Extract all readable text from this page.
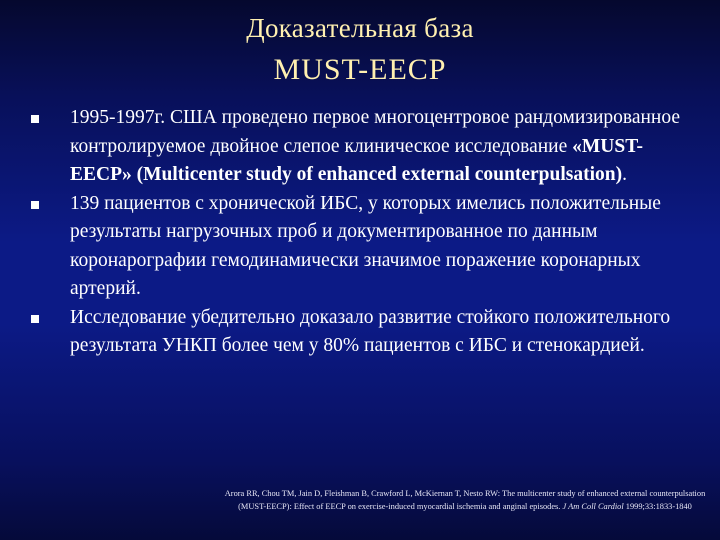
Доказательная база
MUST-EECP
1995-1997г. США проведено первое многоцентровое рандомизированное контролируемое двойное слепое клиническое исследование «MUST-EECP» (Multicenter study of enhanced external counterpulsation).
139 пациентов с хронической ИБС, у которых имелись положительные результаты нагрузочных проб и документированное по данным коронарографии гемодинамически значимое поражение коронарных артерий.
Исследование убедительно доказало развитие стойкого положительного результата УНКП более чем у 80% пациентов с ИБС и стенокардией.
Arora RR, Chou TM, Jain D, Fleishman B, Crawford L, McKiernan T, Nesto RW: The multicenter study of enhanced external counterpulsation (MUST-EECP): Effect of EECP on exercise-induced myocardial ischemia and anginal episodes. J Am Coll Cardiol 1999;33:1833-1840
